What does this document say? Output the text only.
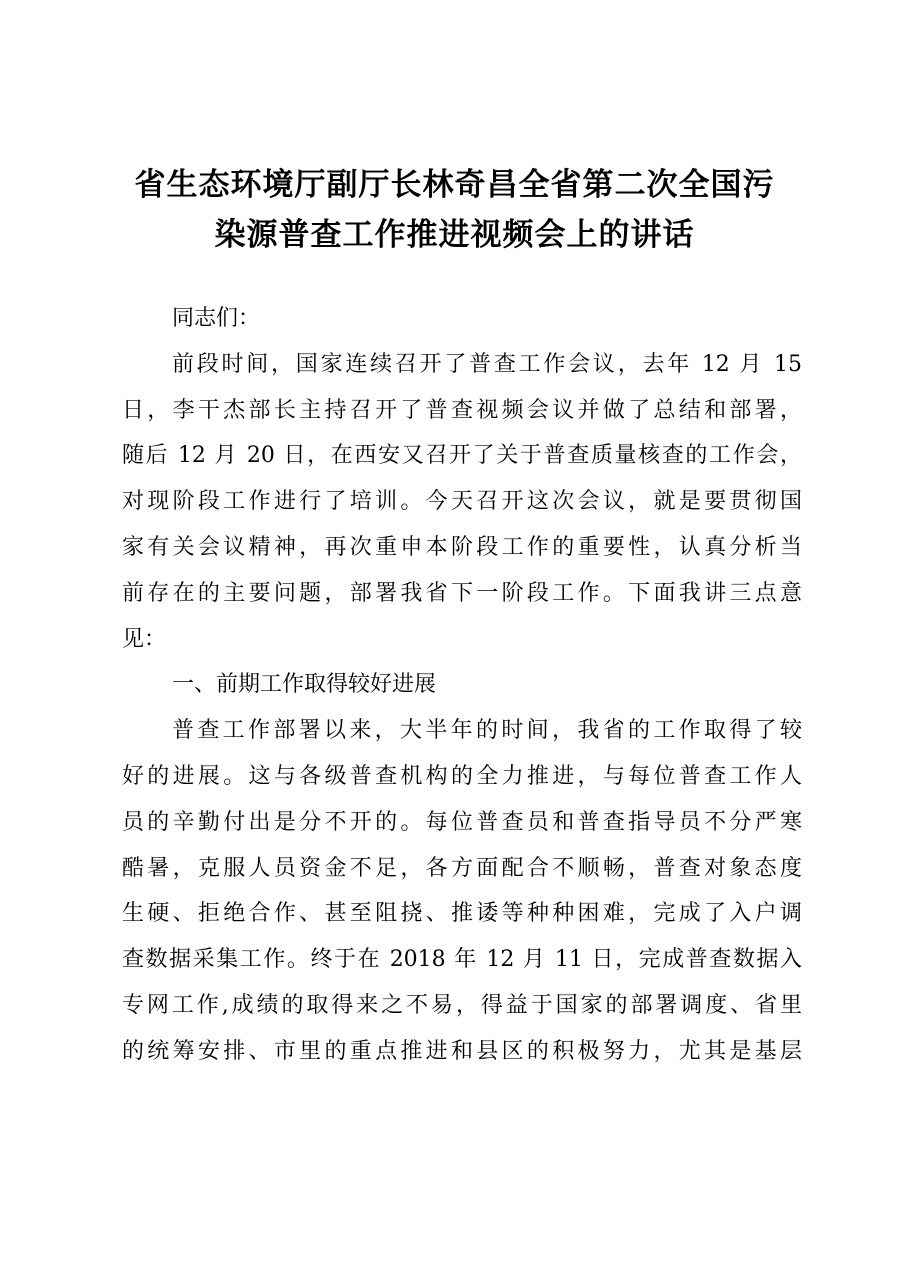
省生态环境厅副厅长林奇昌全省第二次全国污
染源普查工作推进视频会上的讲话
同志们：
前段时间，国家连续召开了普查工作会议，去年 12 月 15
日，李干杰部长主持召开了普查视频会议并做了总结和部署，
随后 12 月 20 日，在西安又召开了关于普查质量核查的工作会，
对现阶段工作进行了培训。今天召开这次会议，就是要贯彻国
家有关会议精神，再次重申本阶段工作的重要性，认真分析当
前存在的主要问题，部署我省下一阶段工作。下面我讲三点意
见：
一、前期工作取得较好进展
普查工作部署以来，大半年的时间，我省的工作取得了较
好的进展。这与各级普查机构的全力推进，与每位普查工作人
员的辛勤付出是分不开的。每位普查员和普查指导员不分严寒
酷暑，克服人员资金不足，各方面配合不顺畅，普查对象态度
生硬、拒绝合作、甚至阻挠、推诿等种种困难，完成了入户调
查数据采集工作。终于在 2018 年 12 月 11 日，完成普查数据入
专网工作,成绩的取得来之不易，得益于国家的部署调度、省里
的统筹安排、市里的重点推进和县区的积极努力，尤其是基层
